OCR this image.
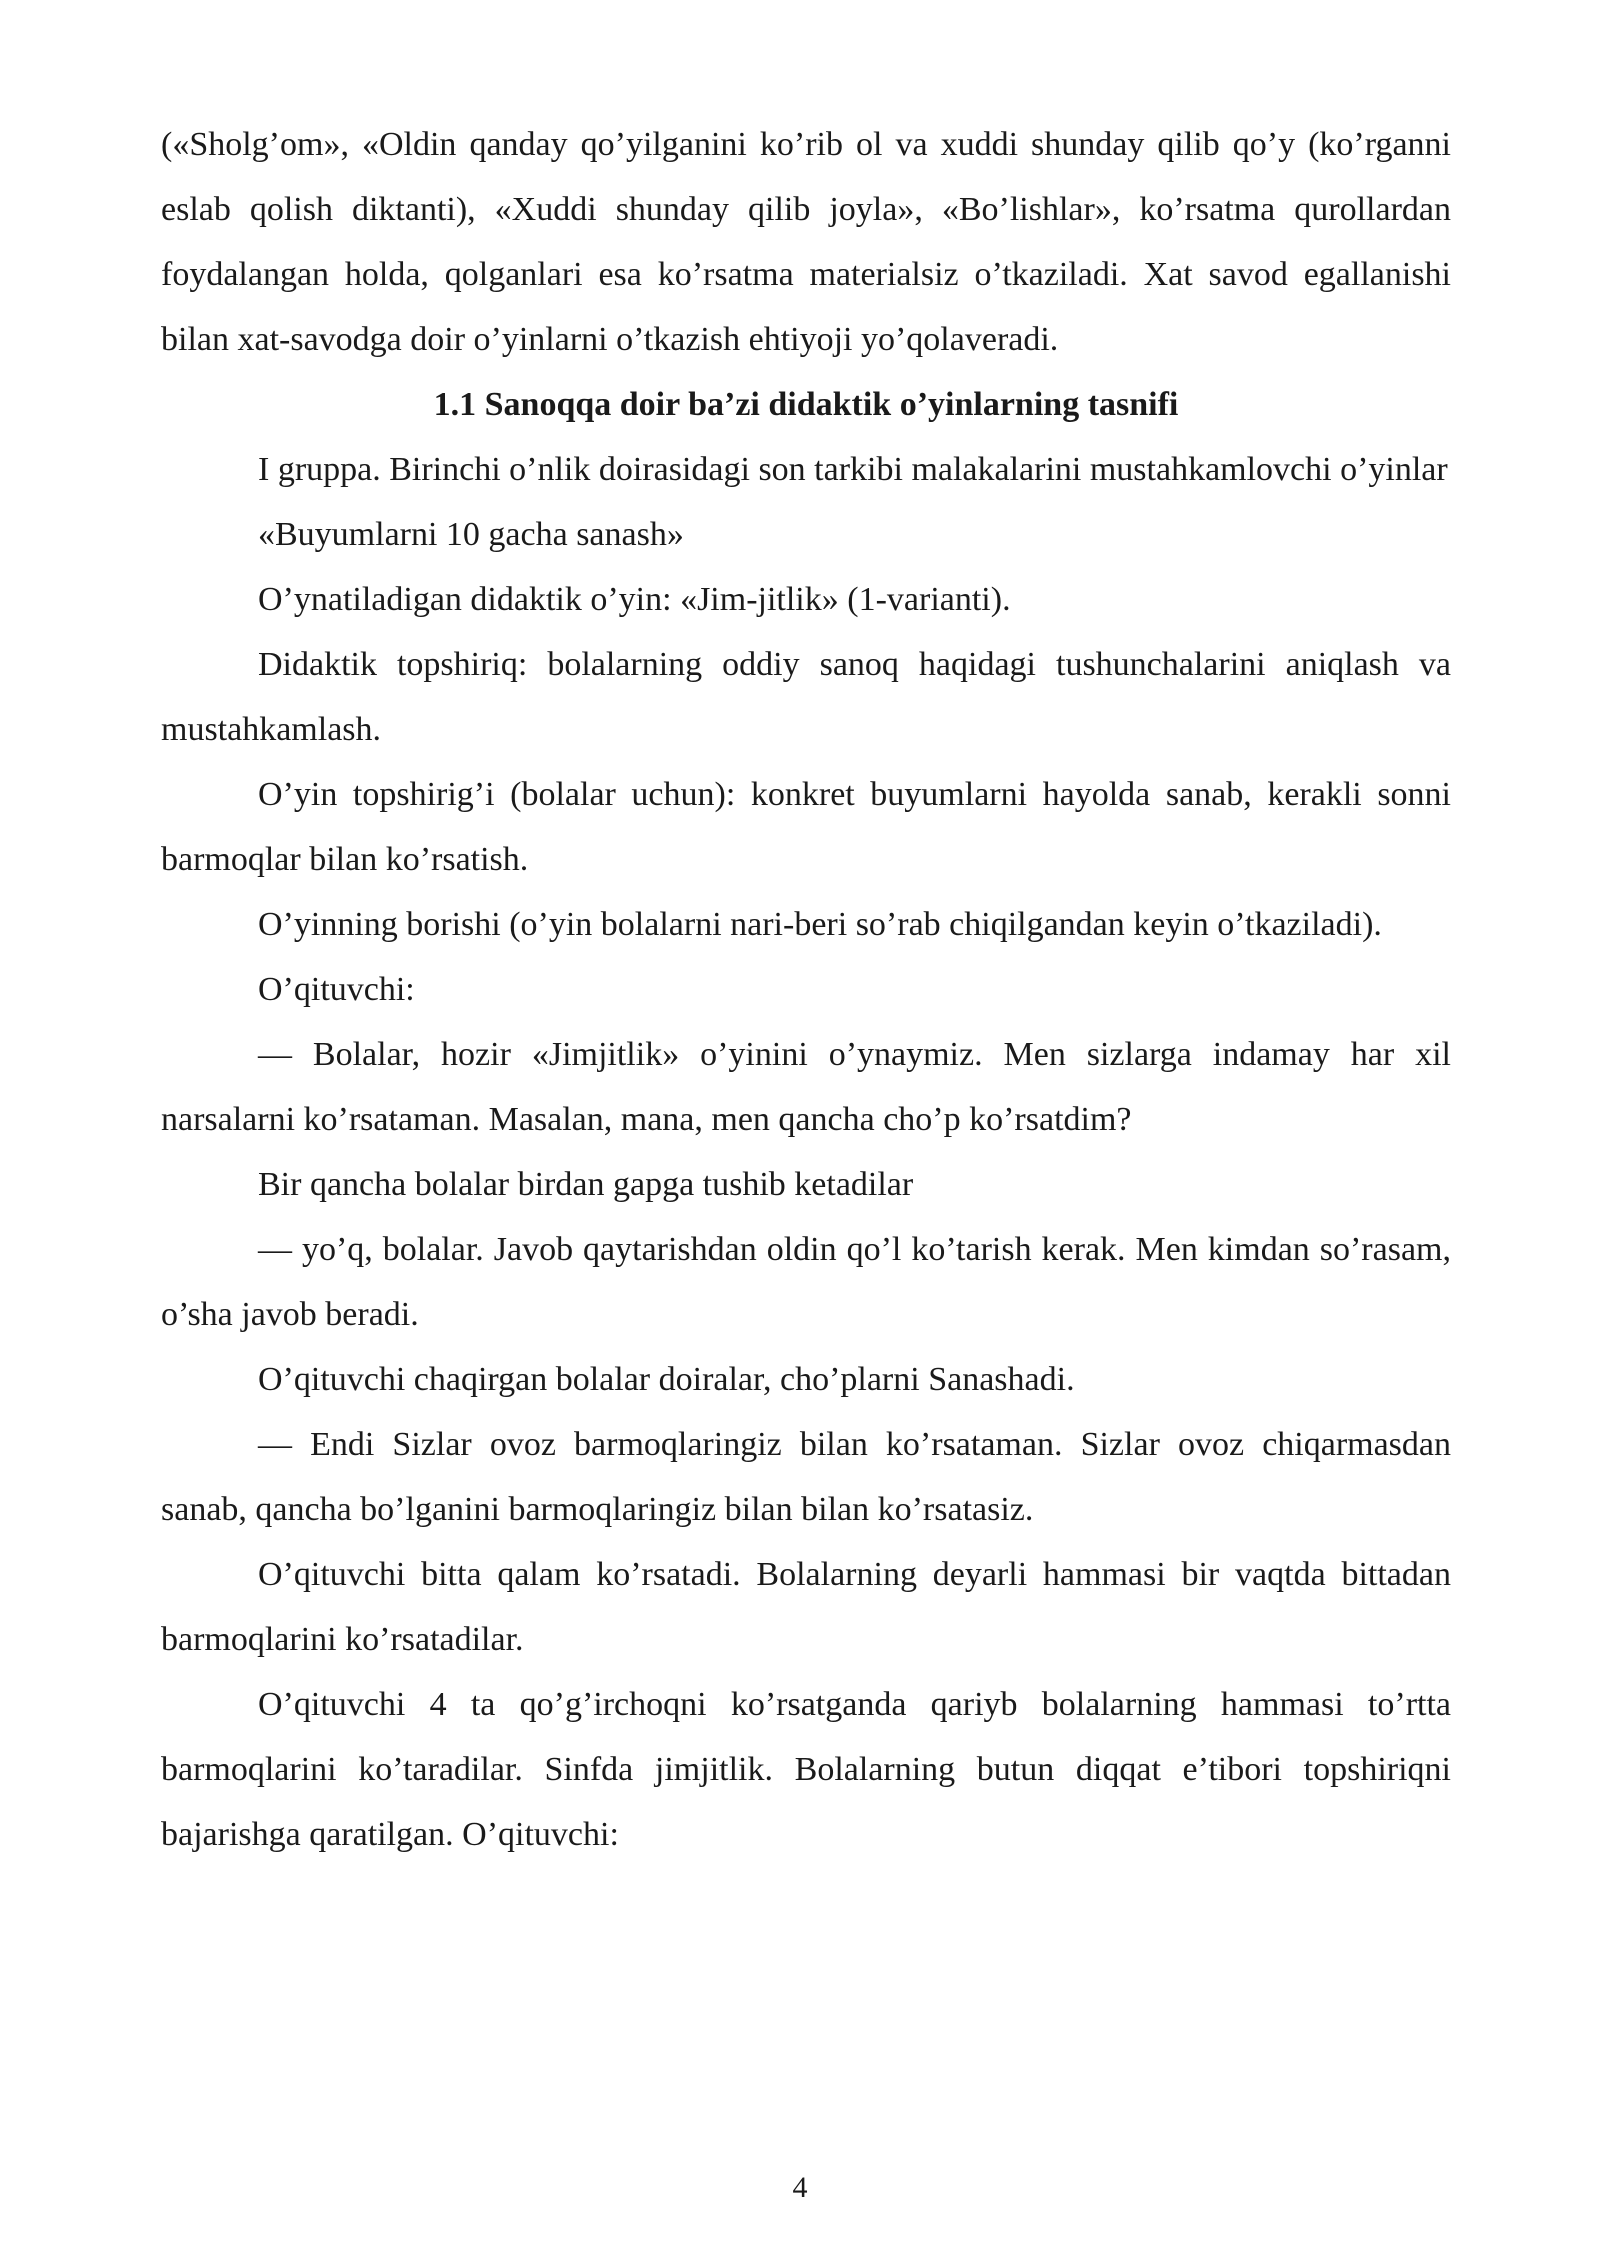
(«Sholg’om», «Oldin qanday qo’yilganini ko’rib ol va xuddi shunday qilib qo’y (ko’rganni eslab qolish diktanti), «Xuddi shunday qilib joyla», «Bo’lishlar», ko’rsatma qurollardan foydalangan holda, qolganlari esa ko’rsatma materialsiz o’tkaziladi. Xat savod egallanishi bilan xat-savodga doir o’yinlarni o’tkazish ehtiyoji yo’qolaveradi.

1.1 Sanoqqa doir ba’zi didaktik o’yinlarning tasnifi

I gruppa. Birinchi o’nlik doirasidagi son tarkibi malakalarini mustahkamlovchi o’yinlar

«Buyumlarni 10 gacha sanash»

O’ynatiladigan didaktik o’yin: «Jim-jitlik» (1-varianti).

Didaktik topshiriq: bolalarning oddiy sanoq haqidagi tushunchalarini aniqlash va mustahkamlash.

O’yin topshirig’i (bolalar uchun): konkret buyumlarni hayolda sanab, kerakli sonni barmoqlar bilan ko’rsatish.

O’yinning borishi (o’yin bolalarni nari-beri so’rab chiqilgandan keyin o’tkaziladi).

O’qituvchi:

— Bolalar, hozir «Jimjitlik» o’yinini o’ynaymiz. Men sizlarga indamay har xil narsalarni ko’rsataman. Masalan, mana, men qancha cho’p ko’rsatdim?

Bir qancha bolalar birdan gapga tushib ketadilar

— yo’q, bolalar. Javob qaytarishdan oldin qo’l ko’tarish kerak. Men kimdan so’rasam, o’sha javob beradi.

O’qituvchi chaqirgan bolalar doiralar, cho’plarni Sanashadi.

— Endi Sizlar ovoz barmoqlaringiz bilan ko’rsataman. Sizlar ovoz chiqarmasdan sanab, qancha bo’lganini barmoqlaringiz bilan bilan ko’rsatasiz.

O’qituvchi bitta qalam ko’rsatadi. Bolalarning deyarli hammasi bir vaqtda bittadan barmoqlarini ko’rsatadilar.

O’qituvchi 4 ta qo’g’irchoqni ko’rsatganda qariyb bolalarning hammasi to’rtta barmoqlarini ko’taradilar. Sinfda jimjitlik. Bolalarning butun diqqat e’tibori topshiriqni bajarishga qaratilgan. O’qituvchi:

4
